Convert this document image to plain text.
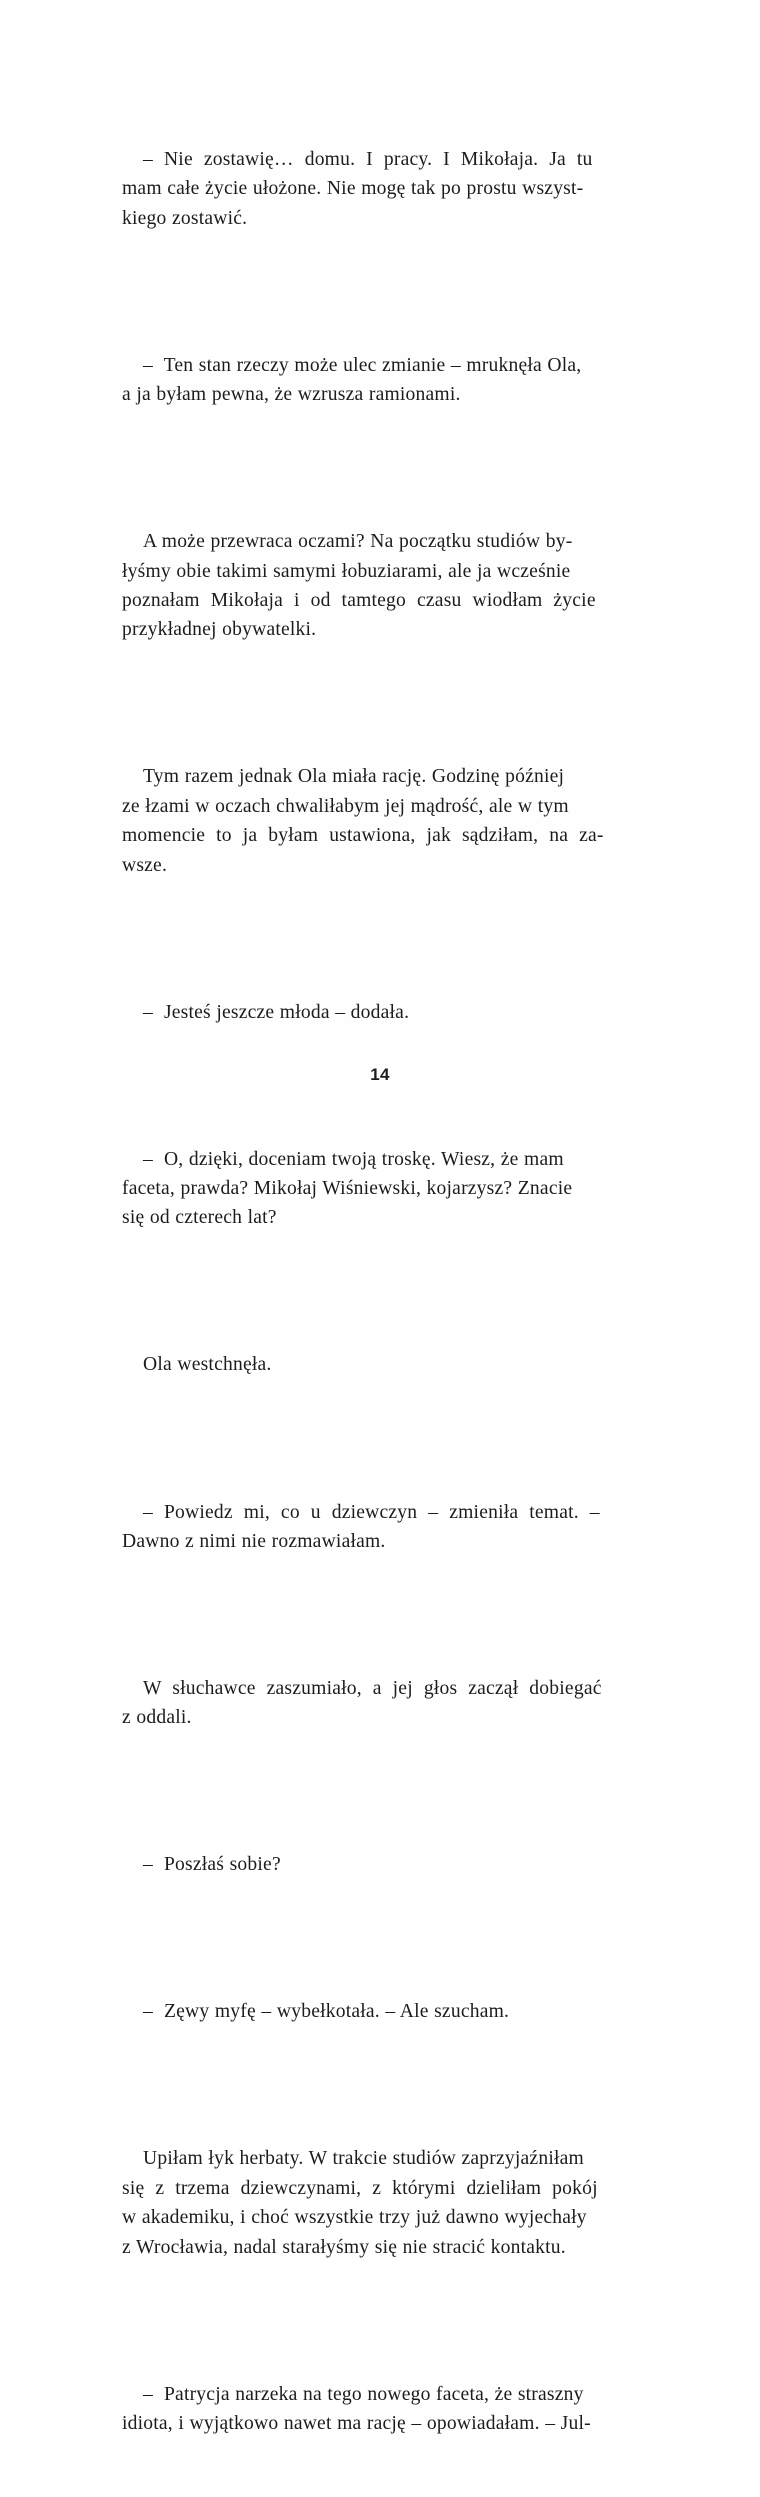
–  Nie  zostawię…  domu.  I  pracy.  I  Mikołaja.  Ja  tu
mam całe życie ułożone. Nie mogę tak po prostu wszyst-
kiego zostawić.

–  Ten stan rzeczy może ulec zmianie – mruknęła Ola,
a ja byłam pewna, że wzrusza ramionami.

A może przewraca oczami? Na początku studiów by-
łyśmy obie takimi samymi łobuziarami, ale ja wcześnie
poznałam  Mikołaja  i  od  tamtego  czasu  wiodłam  życie
przykładnej obywatelki.

Tym razem jednak Ola miała rację. Godzinę później
ze łzami w oczach chwaliłabym jej mądrość, ale w tym
momencie  to  ja  byłam  ustawiona,  jak  sądziłam,  na  za-
wsze.

–  Jesteś jeszcze młoda – dodała.

–  O, dzięki, doceniam twoją troskę. Wiesz, że mam
faceta, prawda? Mikołaj Wiśniewski, kojarzysz? Znacie
się od czterech lat?

Ola westchnęła.

–  Powiedz  mi,  co  u  dziewczyn  –  zmieniła  temat.  –
Dawno z nimi nie rozmawiałam.

W  słuchawce  zaszumiało,  a  jej  głos  zaczął  dobiegać
z oddali.

–  Poszłaś sobie?

–  Zęwy myfę – wybełkotała. – Ale szucham.

Upiłam łyk herbaty. W trakcie studiów zaprzyjaźniłam
się  z  trzema  dziewczynami,  z  którymi  dzieliłam  pokój
w akademiku, i choć wszystkie trzy już dawno wyjechały
z Wrocławia, nadal starałyśmy się nie stracić kontaktu.

–  Patrycja narzeka na tego nowego faceta, że straszny
idiota, i wyjątkowo nawet ma rację – opowiadałam. – Jul-

14
